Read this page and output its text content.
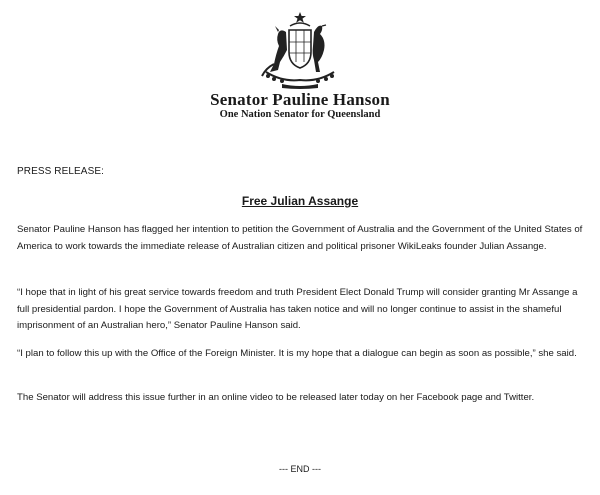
Senator Pauline Hanson
One Nation Senator for Queensland
PRESS RELEASE:
Free Julian Assange

Senator Pauline Hanson has flagged her intention to petition the Government of Australia and the Government of the United States of America to work towards the immediate release of Australian citizen and political prisoner WikiLeaks founder Julian Assange.

“I hope that in light of his great service towards freedom and truth President Elect Donald Trump will consider granting Mr Assange a full presidential pardon. I hope the Government of Australia has taken notice and will no longer continue to assist in the shameful imprisonment of an Australian hero,” Senator Pauline Hanson said.

“I plan to follow this up with the Office of the Foreign Minister. It is my hope that a dialogue can begin as soon as possible,” she said.

The Senator will address this issue further in an online video to be released later today on her Facebook page and Twitter.

--- END ---
